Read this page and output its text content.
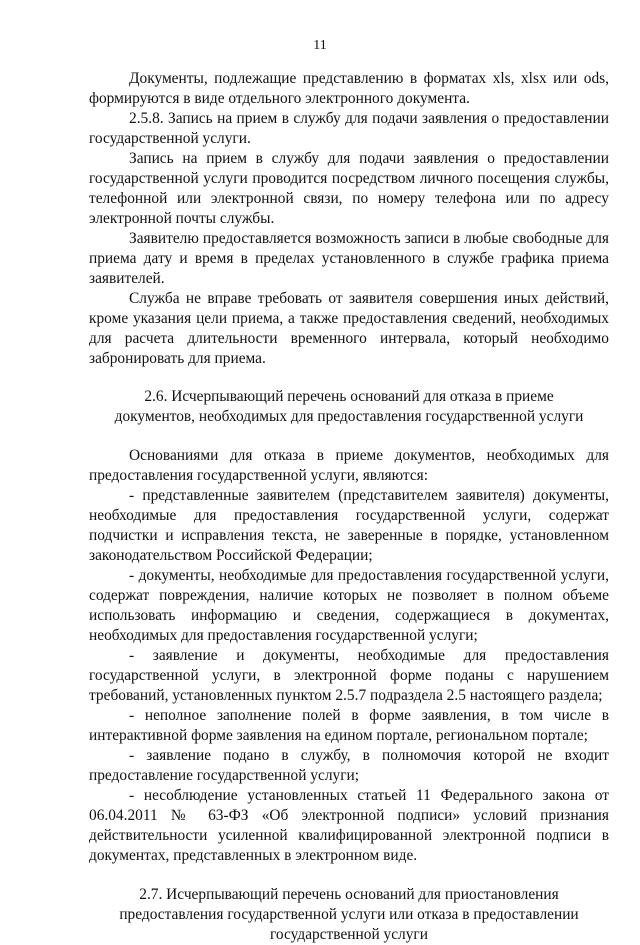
11

Документы, подлежащие представлению в форматах xls, xlsx или ods, формируются в виде отдельного электронного документа.

2.5.8. Запись на прием в службу для подачи заявления о предоставлении государственной услуги.

Запись на прием в службу для подачи заявления о предоставлении государственной услуги проводится посредством личного посещения службы, телефонной или электронной связи, по номеру телефона или по адресу электронной почты службы.

Заявителю предоставляется возможность записи в любые свободные для приема дату и время в пределах установленного в службе графика приема заявителей.

Служба не вправе требовать от заявителя совершения иных действий, кроме указания цели приема, а также предоставления сведений, необходимых для расчета длительности временного интервала, который необходимо забронировать для приема.

2.6. Исчерпывающий перечень оснований для отказа в приеме документов, необходимых для предоставления государственной услуги

Основаниями для отказа в приеме документов, необходимых для предоставления государственной услуги, являются:

- представленные заявителем (представителем заявителя) документы, необходимые для предоставления государственной услуги, содержат подчистки и исправления текста, не заверенные в порядке, установленном законодательством Российской Федерации;

- документы, необходимые для предоставления государственной услуги, содержат повреждения, наличие которых не позволяет в полном объеме использовать информацию и сведения, содержащиеся в документах, необходимых для предоставления государственной услуги;

- заявление и документы, необходимые для предоставления государственной услуги, в электронной форме поданы с нарушением требований, установленных пунктом 2.5.7 подраздела 2.5 настоящего раздела;

- неполное заполнение полей в форме заявления, в том числе в интерактивной форме заявления на едином портале, региональном портале;

- заявление подано в службу, в полномочия которой не входит предоставление государственной услуги;

- несоблюдение установленных статьей 11 Федерального закона от 06.04.2011 № 63-ФЗ «Об электронной подписи» условий признания действительности усиленной квалифицированной электронной подписи в документах, представленных в электронном виде.

2.7. Исчерпывающий перечень оснований для приостановления предоставления государственной услуги или отказа в предоставлении государственной услуги
